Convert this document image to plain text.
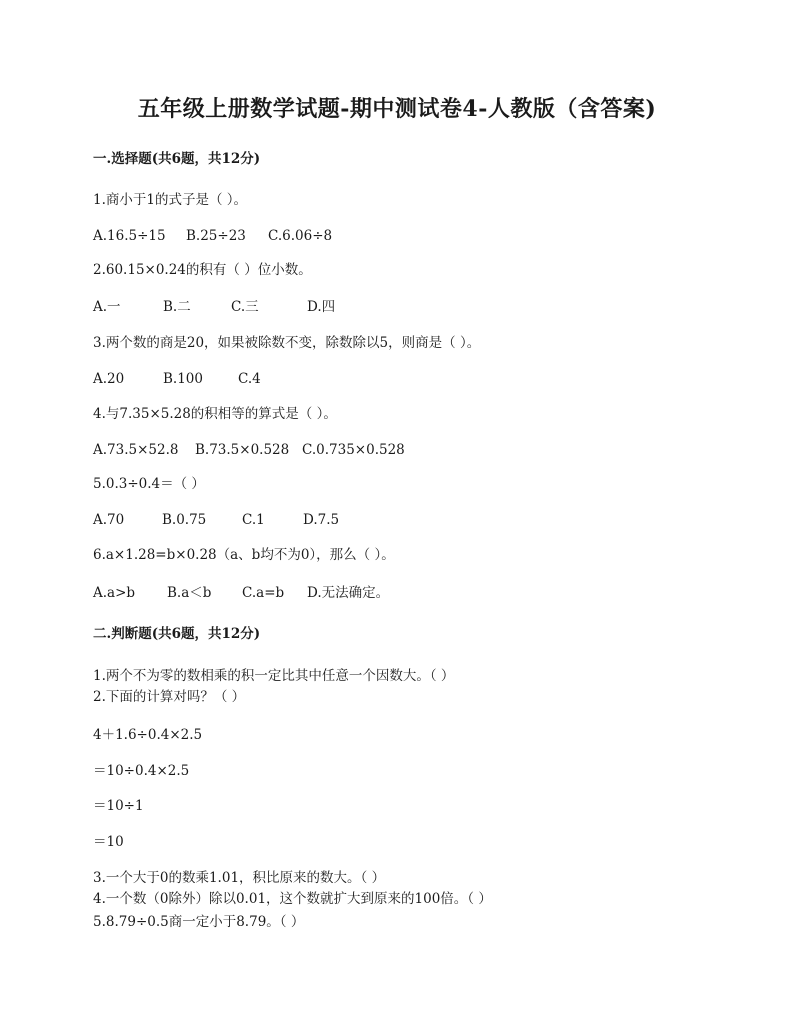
五年级上册数学试题-期中测试卷4-人教版（含答案)
一.选择题(共6题，共12分)
1.商小于1的式子是（ ）。
A.16.5÷15 B.25÷23 C.6.06÷8
2.60.15×0.24的积有（ ）位小数。
A.一	B.二	C.三	D.四
3.两个数的商是20，如果被除数不变，除数除以5，则商是（ ）。
A.20	B.100	C.4
4.与7.35×5.28的积相等的算式是（ ）。
A.73.5×52.8 B.73.5×0.528 C.0.735×0.528
5.0.3÷0.4＝（ ）
A.70	B.0.75	C.1	D.7.5
6.a×1.28=b×0.28（a、b均不为0），那么（ ）。
A.a>b B.a＜b C.a=b D.无法确定。
二.判断题(共6题，共12分)
1.两个不为零的数相乘的积一定比其中任意一个因数大。（ ）
2.下面的计算对吗？（ ）
4＋1.6÷0.4×2.5
＝10÷0.4×2.5
＝10÷1
＝10
3.一个大于0的数乘1.01，积比原来的数大。（ ）
4.一个数（0除外）除以0.01，这个数就扩大到原来的100倍。（ ）
5.8.79÷0.5商一定小于8.79。（ ）
